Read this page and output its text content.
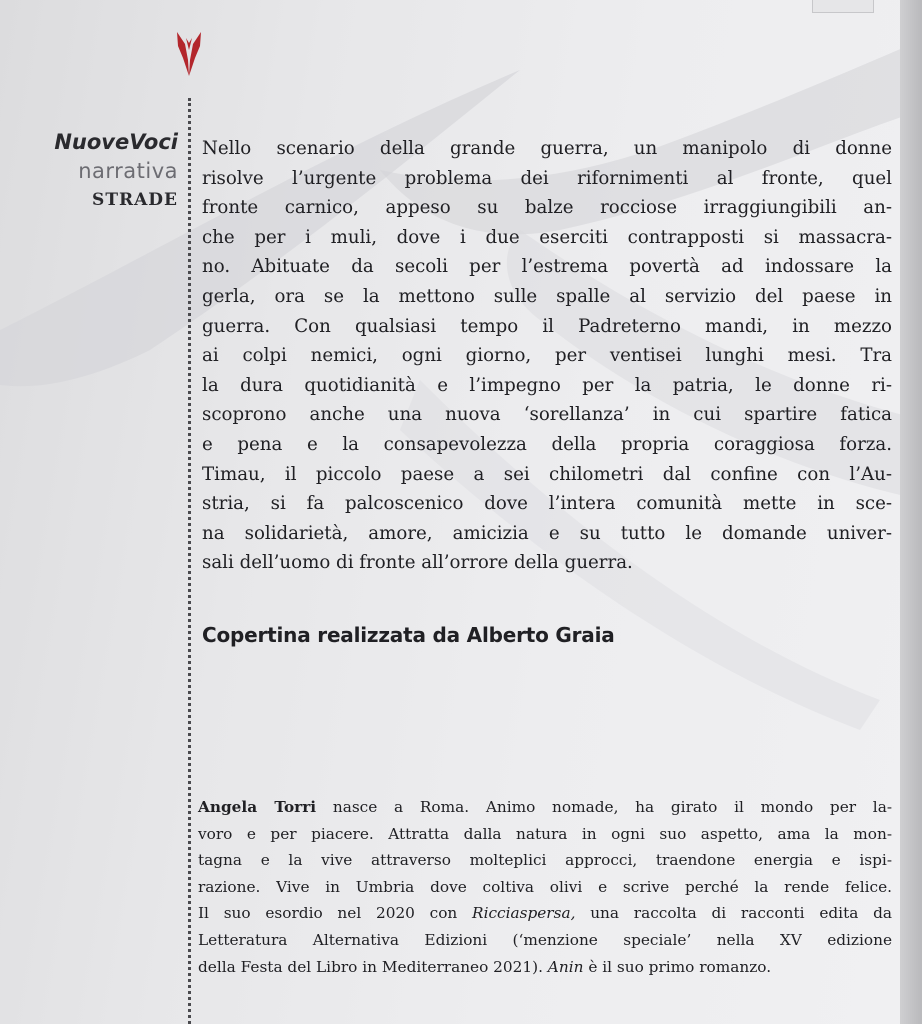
NuoveVoci
narrativa
STRADE
Nello scenario della grande guerra, un manipolo di donne
risolve l’urgente problema dei rifornimenti al fronte, quel
fronte carnico, appeso su balze rocciose irraggiungibili an-
che per i muli, dove i due eserciti contrapposti si massacra-
no. Abituate da secoli per l’estrema povertà ad indossare la
gerla, ora se la mettono sulle spalle al servizio del paese in
guerra. Con qualsiasi tempo il Padreterno mandi, in mezzo
ai colpi nemici, ogni giorno, per ventisei lunghi mesi. Tra
la dura quotidianità e l’impegno per la patria, le donne ri-
scoprono anche una nuova ‘sorellanza’ in cui spartire fatica
e pena e la consapevolezza della propria coraggiosa forza.
Timau, il piccolo paese a sei chilometri dal confine con l’Au-
stria, si fa palcoscenico dove l’intera comunità mette in sce-
na solidarietà, amore, amicizia e su tutto le domande univer-
sali dell’uomo di fronte all’orrore della guerra.
Copertina realizzata da Alberto Graia
Angela Torri nasce a Roma. Animo nomade, ha girato il mondo per la-
voro e per piacere. Attratta dalla natura in ogni suo aspetto, ama la mon-
tagna e la vive attraverso molteplici approcci, traendone energia e ispi-
razione. Vive in Umbria dove coltiva olivi e scrive perché la rende felice.
Il suo esordio nel 2020 con Ricciaspersa, una raccolta di racconti edita da
Letteratura Alternativa Edizioni (‘menzione speciale’ nella XV edizione
della Festa del Libro in Mediterraneo 2021). Anin è il suo primo romanzo.
